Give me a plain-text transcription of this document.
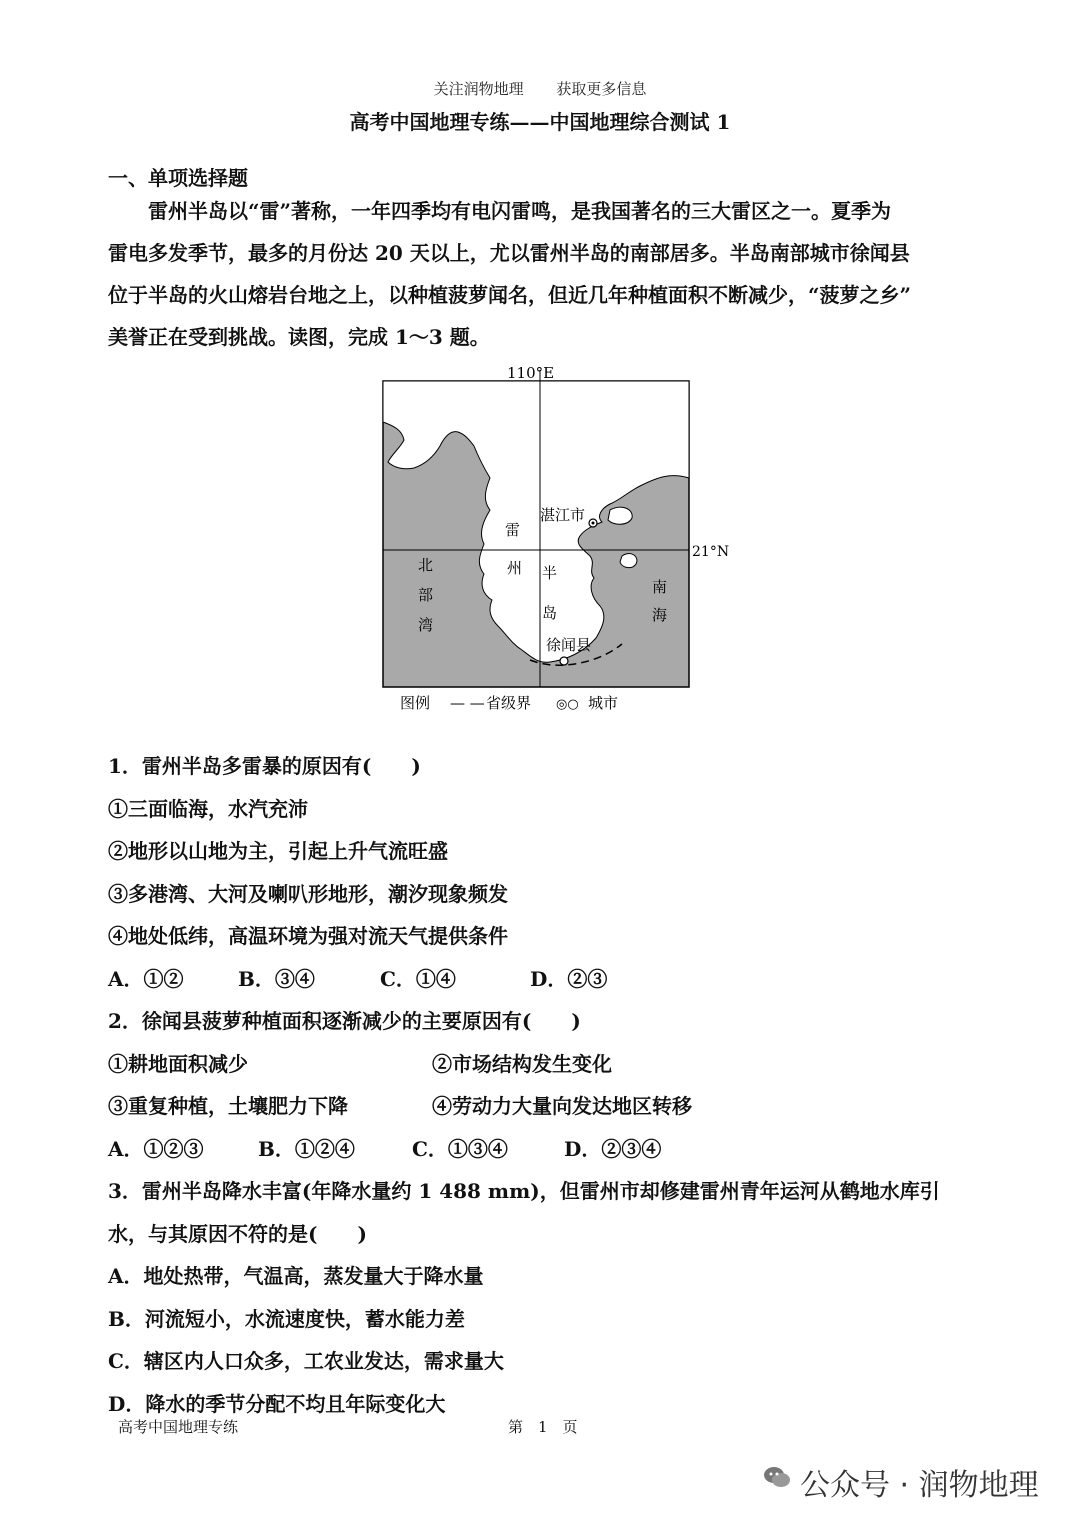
关注润物地理 获取更多信息
高考中国地理专练——中国地理综合测试 1
一、单项选择题
雷州半岛以“雷”著称，一年四季均有电闪雷鸣，是我国著名的三大雷区之一。夏季为
雷电多发季节，最多的月份达 20 天以上，尤以雷州半岛的南部居多。半岛南部城市徐闻县
位于半岛的火山熔岩台地之上，以种植菠萝闻名，但近几年种植面积不断减少，“菠萝之乡”
美誉正在受到挑战。读图，完成 1～3 题。
110°E
21°N
湛江市
徐闻县
雷
州 半
岛
北
部
湾
南
海
图例 — — 省级界 ◎○ 城市
1．雷州半岛多雷暴的原因有(　　)
①三面临海，水汽充沛
②地形以山地为主，引起上升气流旺盛
③多港湾、大河及喇叭形地形，潮汐现象频发
④地处低纬，高温环境为强对流天气提供条件
A．①②	B．③④	C．①④	D．②③
2．徐闻县菠萝种植面积逐渐减少的主要原因有(　　)
①耕地面积减少	②市场结构发生变化
③重复种植，土壤肥力下降	④劳动力大量向发达地区转移
A．①②③	B．①②④	C．①③④	D．②③④
3．雷州半岛降水丰富(年降水量约 1 488 mm)，但雷州市却修建雷州青年运河从鹤地水库引
水，与其原因不符的是(　　)
A．地处热带，气温高，蒸发量大于降水量
B．河流短小，水流速度快，蓄水能力差
C．辖区内人口众多，工农业发达，需求量大
D．降水的季节分配不均且年际变化大
高考中国地理专练	第　1　页
公众号 · 润物地理
